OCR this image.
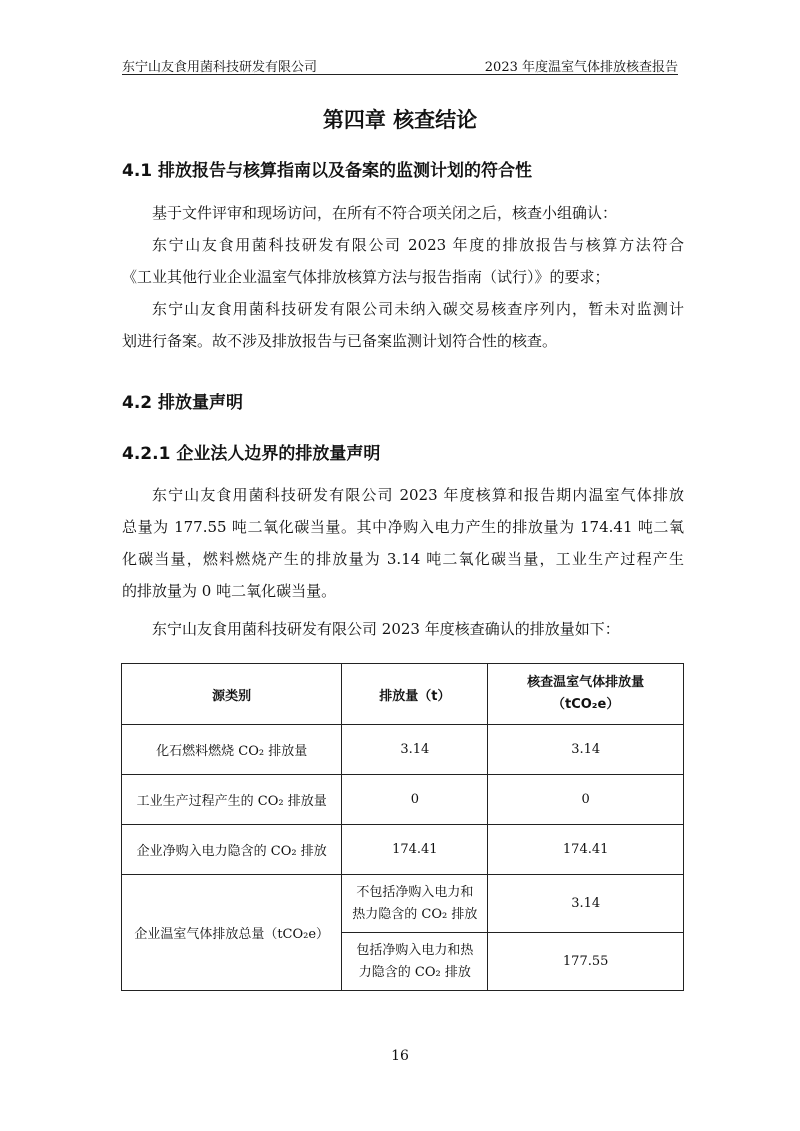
东宁山友食用菌科技研发有限公司	2023 年度温室气体排放核查报告
第四章 核查结论
4.1 排放报告与核算指南以及备案的监测计划的符合性
基于文件评审和现场访问，在所有不符合项关闭之后，核查小组确认：
东宁山友食用菌科技研发有限公司 2023 年度的排放报告与核算方法符合
《工业其他行业企业温室气体排放核算方法与报告指南（试行）》的要求；
东宁山友食用菌科技研发有限公司未纳入碳交易核查序列内，暂未对监测计
划进行备案。故不涉及排放报告与已备案监测计划符合性的核查。
4.2 排放量声明
4.2.1 企业法人边界的排放量声明
东宁山友食用菌科技研发有限公司 2023 年度核算和报告期内温室气体排放
总量为 177.55 吨二氧化碳当量。其中净购入电力产生的排放量为 174.41 吨二氧
化碳当量，燃料燃烧产生的排放量为 3.14 吨二氧化碳当量，工业生产过程产生
的排放量为 0 吨二氧化碳当量。
东宁山友食用菌科技研发有限公司 2023 年度核查确认的排放量如下：
源类别	排放量（t）	核查温室气体排放量
（tCO₂e）

化石燃料燃烧 CO₂ 排放量	3.14	3.14
工业生产过程产生的 CO₂ 排放量	0	0
企业净购入电力隐含的 CO₂ 排放	174.41	174.41
企业温室气体排放总量（tCO₂e）	不包括净购入电力和
热力隐含的 CO₂ 排放	3.14

	包括净购入电力和热
力隐含的 CO₂ 排放	177.55
16
